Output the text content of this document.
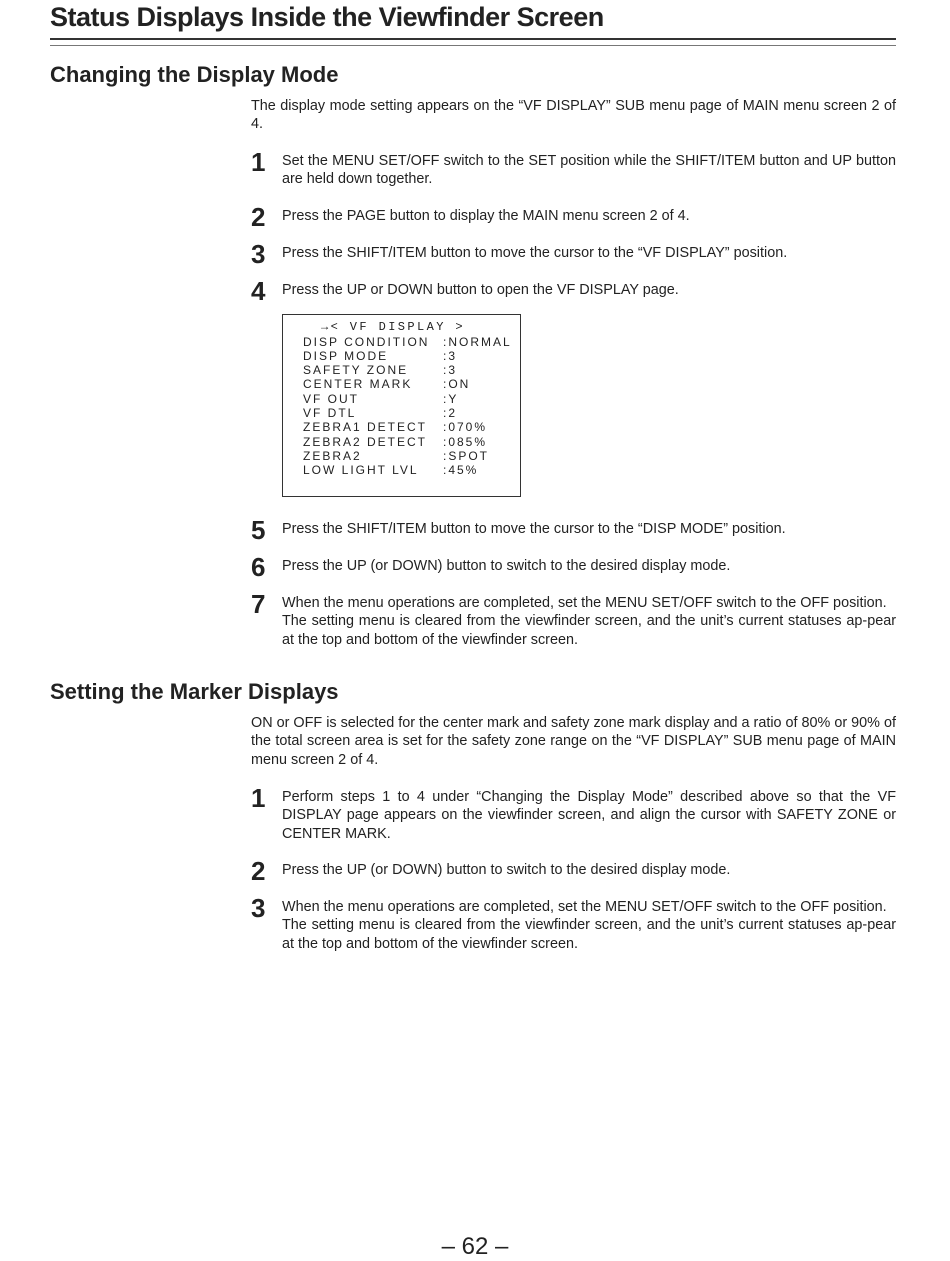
Status Displays Inside the Viewfinder Screen
Changing the Display Mode

The display mode setting appears on the “VF DISPLAY” SUB menu page of MAIN menu screen 2 of 4.

1 Set the MENU SET/OFF switch to the SET position while the SHIFT/ITEM button and UP button are held down together.

2 Press the PAGE button to display the MAIN menu screen 2 of 4.

3 Press the SHIFT/ITEM button to move the cursor to the “VF DISPLAY” position.

4 Press the UP or DOWN button to open the VF DISPLAY page.

→< VF DISPLAY >
DISP CONDITION :NORMAL
DISP MODE	:3
SAFETY ZONE	:3
CENTER MARK	:ON
VF OUT	:Y
VF DTL	:2
ZEBRA1 DETECT :070%
ZEBRA2 DETECT :085%
ZEBRA2	:SPOT
LOW LIGHT LVL :45%
5 Press the SHIFT/ITEM button to move the cursor to the “DISP MODE” position.

6 Press the UP (or DOWN) button to switch to the desired display mode.

7 When the menu operations are completed, set the MENU SET/OFF switch to the OFF position.

The setting menu is cleared from the viewfinder screen, and the unit’s current statuses ap-pear at the top and bottom of the viewfinder screen.

Setting the Marker Displays

ON or OFF is selected for the center mark and safety zone mark display and a ratio of 80% or 90% of the total screen area is set for the safety zone range on the “VF DISPLAY” SUB menu page of MAIN menu screen 2 of 4.

1 Perform steps 1 to 4 under “Changing the Display Mode” described above so that the VF DISPLAY page appears on the viewfinder screen, and align the cursor with SAFETY ZONE or CENTER MARK.

2 Press the UP (or DOWN) button to switch to the desired display mode.

3 When the menu operations are completed, set the MENU SET/OFF switch to the OFF position.

The setting menu is cleared from the viewfinder screen, and the unit’s current statuses ap-pear at the top and bottom of the viewfinder screen.

– 62 –
